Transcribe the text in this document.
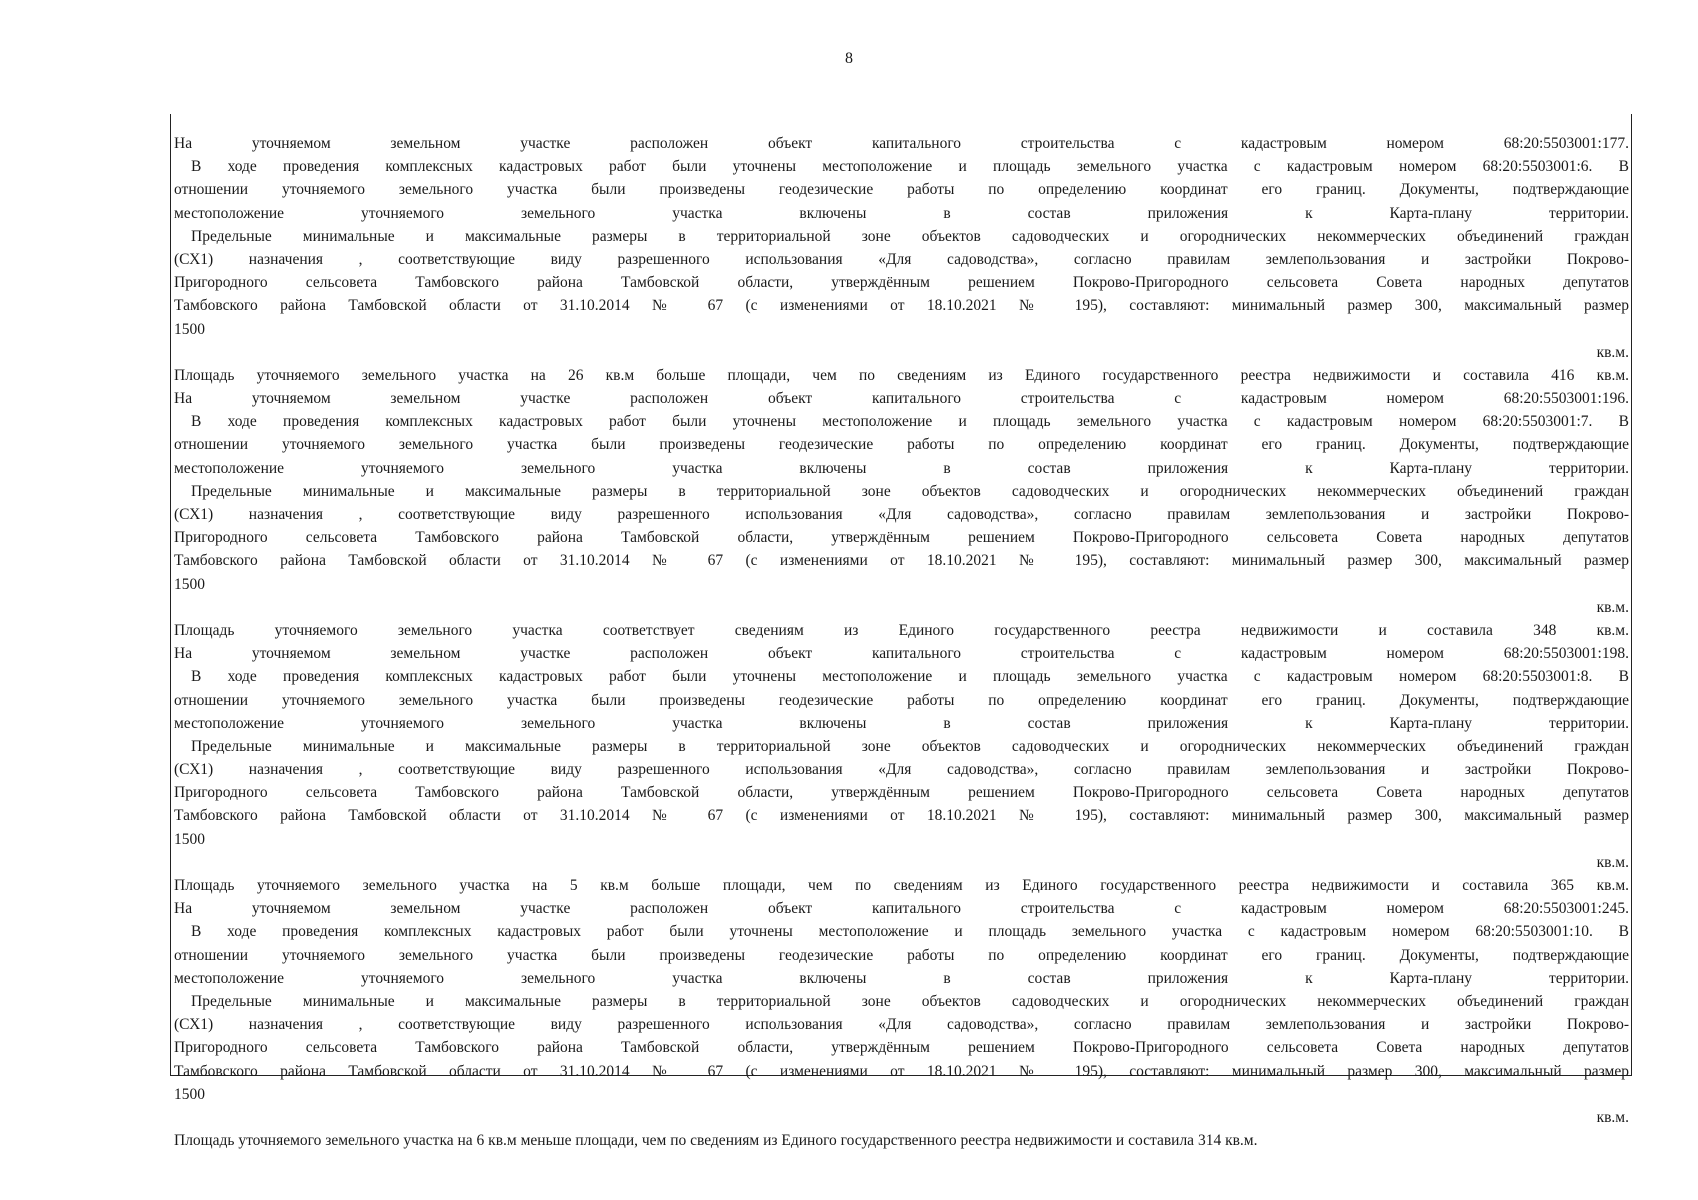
8
На уточняемом земельном участке расположен объект капитального строительства с кадастровым номером 68:20:5503001:177.
В ходе проведения комплексных кадастровых работ были уточнены местоположение и площадь земельного участка с кадастровым номером 68:20:5503001:6. В
отношении уточняемого земельного участка были произведены геодезические работы по определению координат его границ. Документы, подтверждающие
местоположение уточняемого земельного участка включены в состав приложения к Карта-плану территории.
Предельные минимальные и максимальные размеры в территориальной зоне объектов садоводческих и огороднических некоммерческих объединений граждан
(СХ1) назначения , соответствующие виду разрешенного использования «Для садоводства», согласно правилам землепользования и застройки Покрово-
Пригородного сельсовета Тамбовского района Тамбовской области, утверждённым решением Покрово-Пригородного сельсовета Совета народных депутатов
Тамбовского района Тамбовской области от 31.10.2014 № 67 (с изменениями от 18.10.2021 № 195), составляют: минимальный размер 300, максимальный размер
1500
кв.м.
Площадь уточняемого земельного участка на 26 кв.м больше площади, чем по сведениям из Единого государственного реестра недвижимости и составила 416 кв.м.
На уточняемом земельном участке расположен объект капитального строительства с кадастровым номером 68:20:5503001:196.
В ходе проведения комплексных кадастровых работ были уточнены местоположение и площадь земельного участка с кадастровым номером 68:20:5503001:7. В
отношении уточняемого земельного участка были произведены геодезические работы по определению координат его границ. Документы, подтверждающие
местоположение уточняемого земельного участка включены в состав приложения к Карта-плану территории.
Предельные минимальные и максимальные размеры в территориальной зоне объектов садоводческих и огороднических некоммерческих объединений граждан
(СХ1) назначения , соответствующие виду разрешенного использования «Для садоводства», согласно правилам землепользования и застройки Покрово-
Пригородного сельсовета Тамбовского района Тамбовской области, утверждённым решением Покрово-Пригородного сельсовета Совета народных депутатов
Тамбовского района Тамбовской области от 31.10.2014 № 67 (с изменениями от 18.10.2021 № 195), составляют: минимальный размер 300, максимальный размер
1500
кв.м.
Площадь уточняемого земельного участка соответствует сведениям из Единого государственного реестра недвижимости и составила 348 кв.м.
На уточняемом земельном участке расположен объект капитального строительства с кадастровым номером 68:20:5503001:198.
В ходе проведения комплексных кадастровых работ были уточнены местоположение и площадь земельного участка с кадастровым номером 68:20:5503001:8. В
отношении уточняемого земельного участка были произведены геодезические работы по определению координат его границ. Документы, подтверждающие
местоположение уточняемого земельного участка включены в состав приложения к Карта-плану территории.
Предельные минимальные и максимальные размеры в территориальной зоне объектов садоводческих и огороднических некоммерческих объединений граждан
(СХ1) назначения , соответствующие виду разрешенного использования «Для садоводства», согласно правилам землепользования и застройки Покрово-
Пригородного сельсовета Тамбовского района Тамбовской области, утверждённым решением Покрово-Пригородного сельсовета Совета народных депутатов
Тамбовского района Тамбовской области от 31.10.2014 № 67 (с изменениями от 18.10.2021 № 195), составляют: минимальный размер 300, максимальный размер
1500
кв.м.
Площадь уточняемого земельного участка на 5 кв.м больше площади, чем по сведениям из Единого государственного реестра недвижимости и составила 365 кв.м.
На уточняемом земельном участке расположен объект капитального строительства с кадастровым номером 68:20:5503001:245.
В ходе проведения комплексных кадастровых работ были уточнены местоположение и площадь земельного участка с кадастровым номером 68:20:5503001:10. В
отношении уточняемого земельного участка были произведены геодезические работы по определению координат его границ. Документы, подтверждающие
местоположение уточняемого земельного участка включены в состав приложения к Карта-плану территории.
Предельные минимальные и максимальные размеры в территориальной зоне объектов садоводческих и огороднических некоммерческих объединений граждан
(СХ1) назначения , соответствующие виду разрешенного использования «Для садоводства», согласно правилам землепользования и застройки Покрово-
Пригородного сельсовета Тамбовского района Тамбовской области, утверждённым решением Покрово-Пригородного сельсовета Совета народных депутатов
Тамбовского района Тамбовской области от 31.10.2014 № 67 (с изменениями от 18.10.2021 № 195), составляют: минимальный размер 300, максимальный размер
1500
кв.м.
Площадь уточняемого земельного участка на 6 кв.м меньше площади, чем по сведениям из Единого государственного реестра недвижимости и составила 314 кв.м.
